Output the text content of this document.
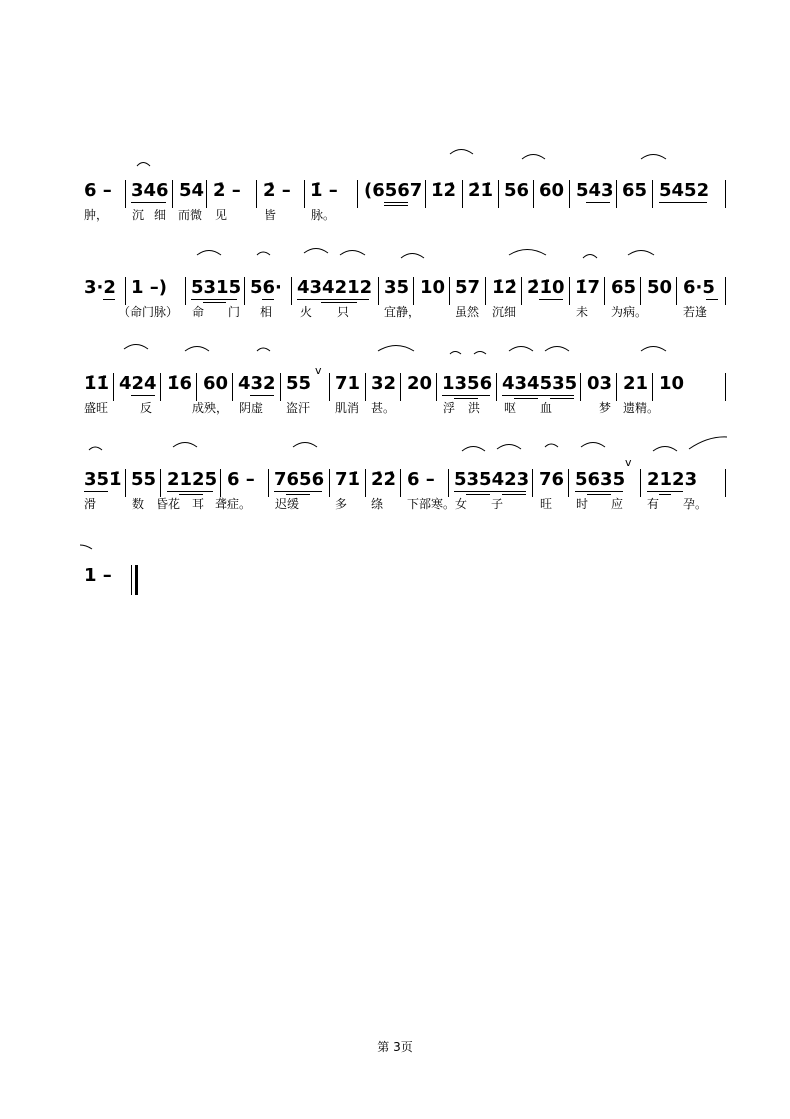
6 – 346 54 2̇ – 2̇ – 1̇ – (6567 1̇2̇ 2̇1̇ 56 60 543 65 5452
肿， 沉 细 而微 见	皆	脉。
3·2 1 –) 5315 56· 434212 35 10 57 1̇2̇ 2̇1̇0 1̇7 65 50 6·5
（命门脉） 命 门 相 火 只	宜静，	虽然 沉细	未 为病。	若逢
1̇1̇ 424 1̇6 60 432 55 71 32 20 1356 434535 03 21 10
v
盛旺	反	成殃， 阴虚 盗汗 肌消 甚。	浮 洪 呕 血	梦 遗精。
351̇ 55 2125 6 – 7656 71̇ 2̇2̇ 6 – 535423 76 5635 2123
v
滑	数 昏花 耳 聋 症。 迟缓	多 绦 下部 寒。 女 子	旺 时 应 有 孕。
1 –
第 3页
